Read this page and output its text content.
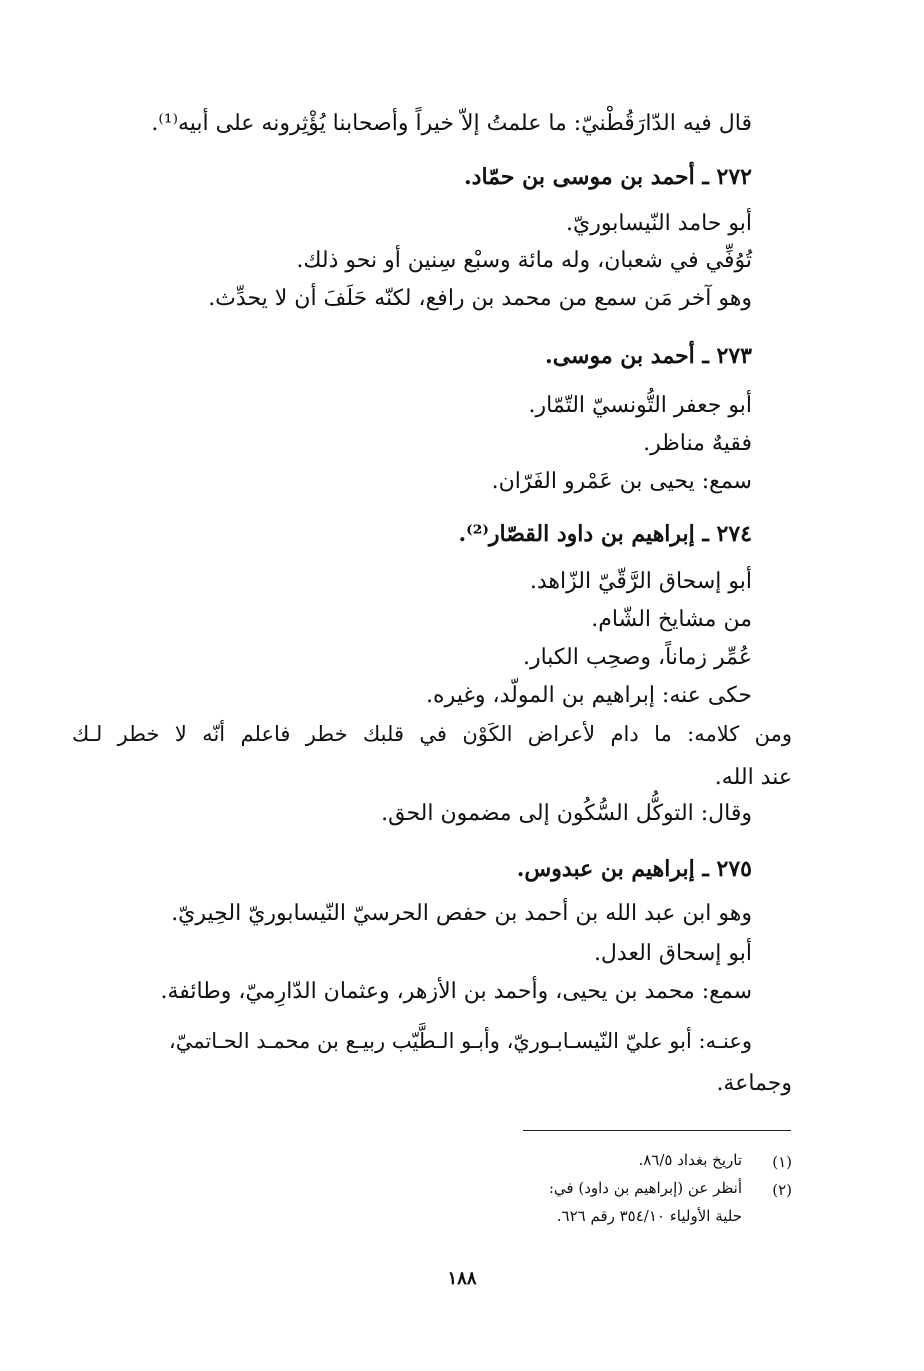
قال فيه الدّارَقُطْنيّ: ما علمتُ إلاّ خيراً وأصحابنا يُؤْثِرونه على أبيه⁽¹⁾.
٢٧٢ ـ أحمد بن موسى بن حمّاد.
أبو حامد النّيسابوريّ.
تُوُفِّي في شعبان، وله مائة وسبْع سِنين أو نحو ذلك.
وهو آخر مَن سمع من محمد بن رافع، لكنّه حَلَفَ أن لا يحدِّث.
٢٧٣ ـ أحمد بن موسى.
أبو جعفر التُّونسيّ التّمّار.
فقيهٌ مناظر.
سمع: يحيى بن عَمْرو الفَرّان.
٢٧٤ ـ إبراهيم بن داود القصّار⁽²⁾.
أبو إسحاق الرَّقّيّ الزّاهد.
من مشايخ الشّام.
عُمِّر زماناً، وصحِب الكبار.
حكى عنه: إبراهيم بن المولّد، وغيره.
ومن كلامه: ما دام لأعراض الكَوْن في قلبك خطر فاعلم أنّه لا خطر لـك
عند الله.
وقال: التوكُّل السُّكُون إلى مضمون الحق.
٢٧٥ ـ إبراهيم بن عبدوس.
وهو ابن عبد الله بن أحمد بن حفص الحرسيّ النّيسابوريّ الحِيريّ.
أبو إسحاق العدل.
سمع: محمد بن يحيى، وأحمد بن الأزهر، وعثمان الدّارِميّ، وطائفة.
وعنـه: أبو عليّ النّيسـابـوريّ، وأبـو الـطَّيّب ربيـع بن محمـد الحـاتميّ،
وجماعة.
(١)
تاريخ بغداد ٨٦/٥.
(٢)
أنظر عن (إبراهيم بن داود) في:
حلية الأولياء ٣٥٤/١٠ رقم ٦٢٦.
١٨٨
